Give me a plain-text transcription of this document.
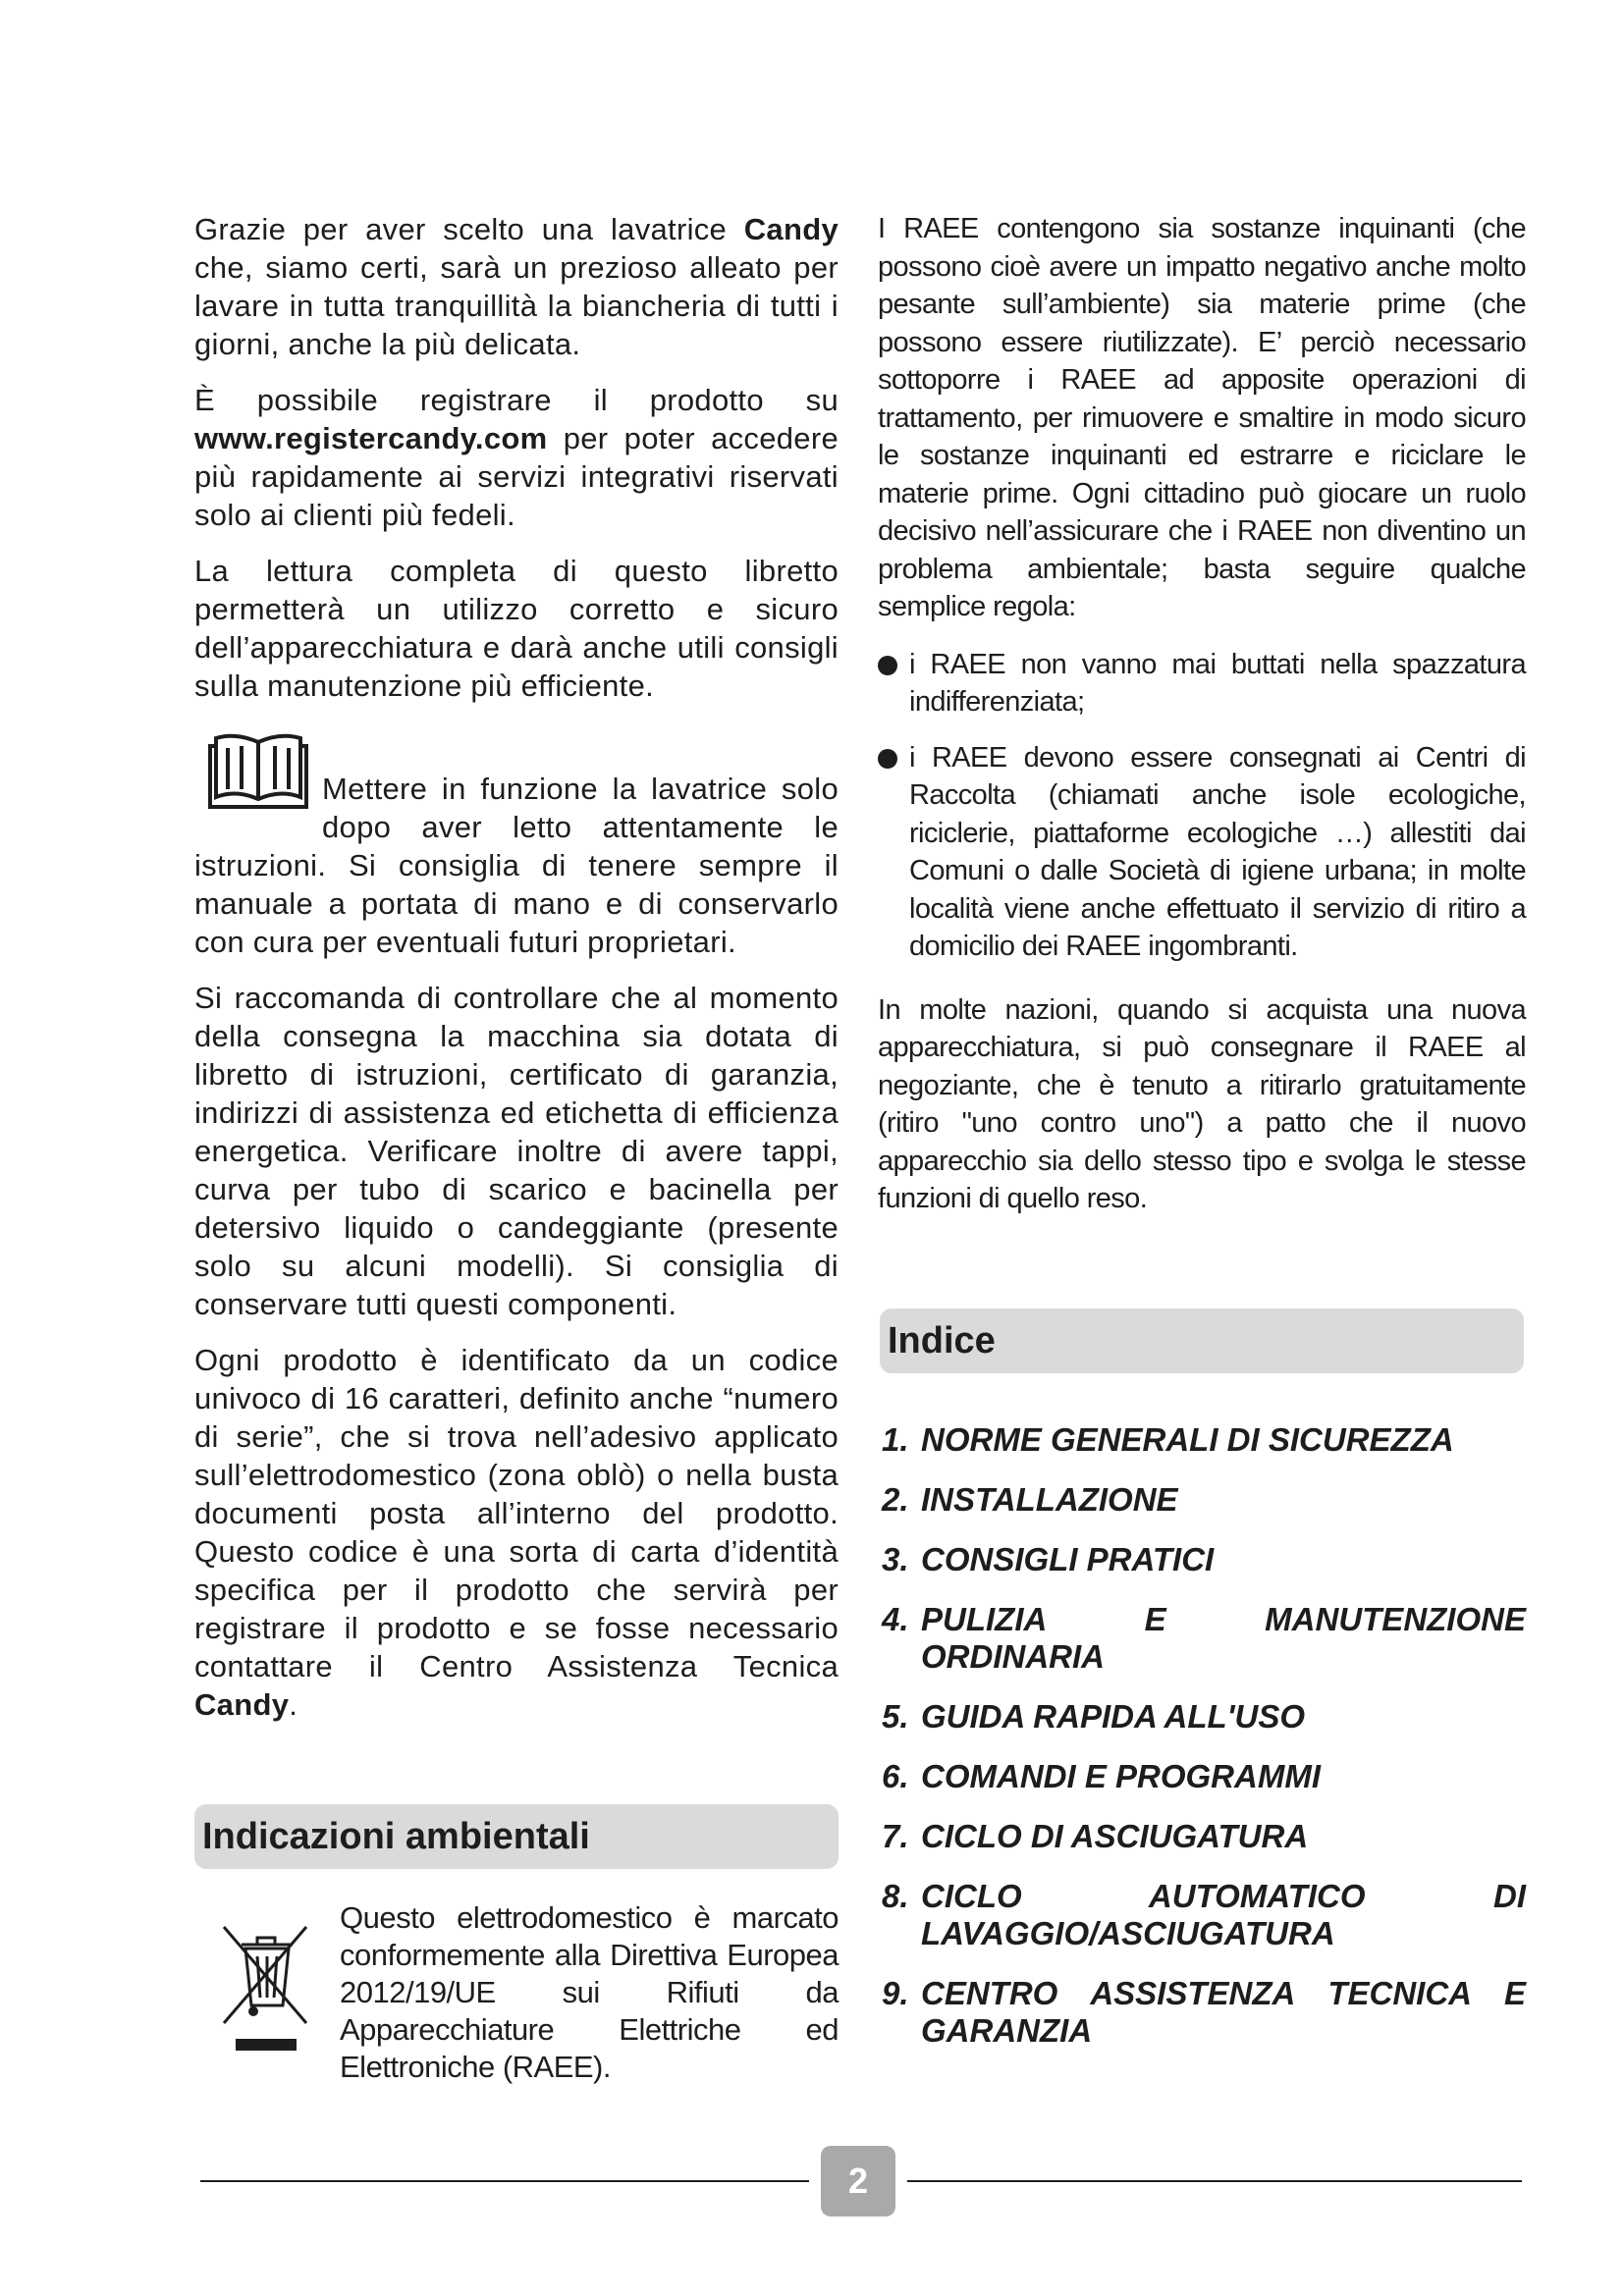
Grazie per aver scelto una lavatrice Candy che, siamo certi, sarà un prezioso alleato per lavare in tutta tranquillità la biancheria di tutti i giorni, anche la più delicata.

È possibile registrare il prodotto su www.registercandy.com per poter accedere più rapidamente ai servizi integrativi riservati solo ai clienti più fedeli.

La lettura completa di questo libretto permetterà un utilizzo corretto e sicuro dell’apparecchiatura e darà anche utili consigli sulla manutenzione più efficiente.

Mettere in funzione la lavatrice solo dopo aver letto attentamente le istruzioni. Si consiglia di tenere sempre il manuale a portata di mano e di conservarlo con cura per eventuali futuri proprietari.

Si raccomanda di controllare che al momento della consegna la macchina sia dotata di libretto di istruzioni, certificato di garanzia, indirizzi di assistenza ed etichetta di efficienza energetica. Verificare inoltre di avere tappi, curva per tubo di scarico e bacinella per detersivo liquido o candeggiante (presente solo su alcuni modelli). Si consiglia di conservare tutti questi componenti.

Ogni prodotto è identificato da un codice univoco di 16 caratteri, definito anche “numero di serie”, che si trova nell’adesivo applicato sull’elettrodomestico (zona oblò) o nella busta documenti posta all’interno del prodotto. Questo codice è una sorta di carta d’identità specifica per il prodotto che servirà per registrare il prodotto e se fosse necessario contattare il Centro Assistenza Tecnica Candy.

Indicazioni ambientali

Questo elettrodomestico è marcato conformemente alla Direttiva Europea 2012/19/UE sui Rifiuti da Apparecchiature Elettriche ed Elettroniche (RAEE).

I RAEE contengono sia sostanze inquinanti (che possono cioè avere un impatto negativo anche molto pesante sull’ambiente) sia materie prime (che possono essere riutilizzate). E’ perciò necessario sottoporre i RAEE ad apposite operazioni di trattamento, per rimuovere e smaltire in modo sicuro le sostanze inquinanti ed estrarre e riciclare le materie prime. Ogni cittadino può giocare un ruolo decisivo nell’assicurare che i RAEE non diventino un problema ambientale; basta seguire qualche semplice regola:

i RAEE non vanno mai buttati nella spazzatura indifferenziata;
i RAEE devono essere consegnati ai Centri di Raccolta (chiamati anche isole ecologiche, riciclerie, piattaforme ecologiche …) allestiti dai Comuni o dalle Società di igiene urbana; in molte località viene anche effettuato il servizio di ritiro a domicilio dei RAEE ingombranti.

In molte nazioni, quando si acquista una nuova apparecchiatura, si può consegnare il RAEE al negoziante, che è tenuto a ritirarlo gratuitamente (ritiro "uno contro uno") a patto che il nuovo apparecchio sia dello stesso tipo e svolga le stesse funzioni di quello reso.

Indice
1. NORME GENERALI DI SICUREZZA
2. INSTALLAZIONE
3. CONSIGLI PRATICI
4. PULIZIA E MANUTENZIONE ORDINARIA
5. GUIDA RAPIDA ALL'USO
6. COMANDI E PROGRAMMI
7. CICLO DI ASCIUGATURA
8. CICLO AUTOMATICO DI LAVAGGIO/ASCIUGATURA
9. CENTRO ASSISTENZA TECNICA E GARANZIA
2
